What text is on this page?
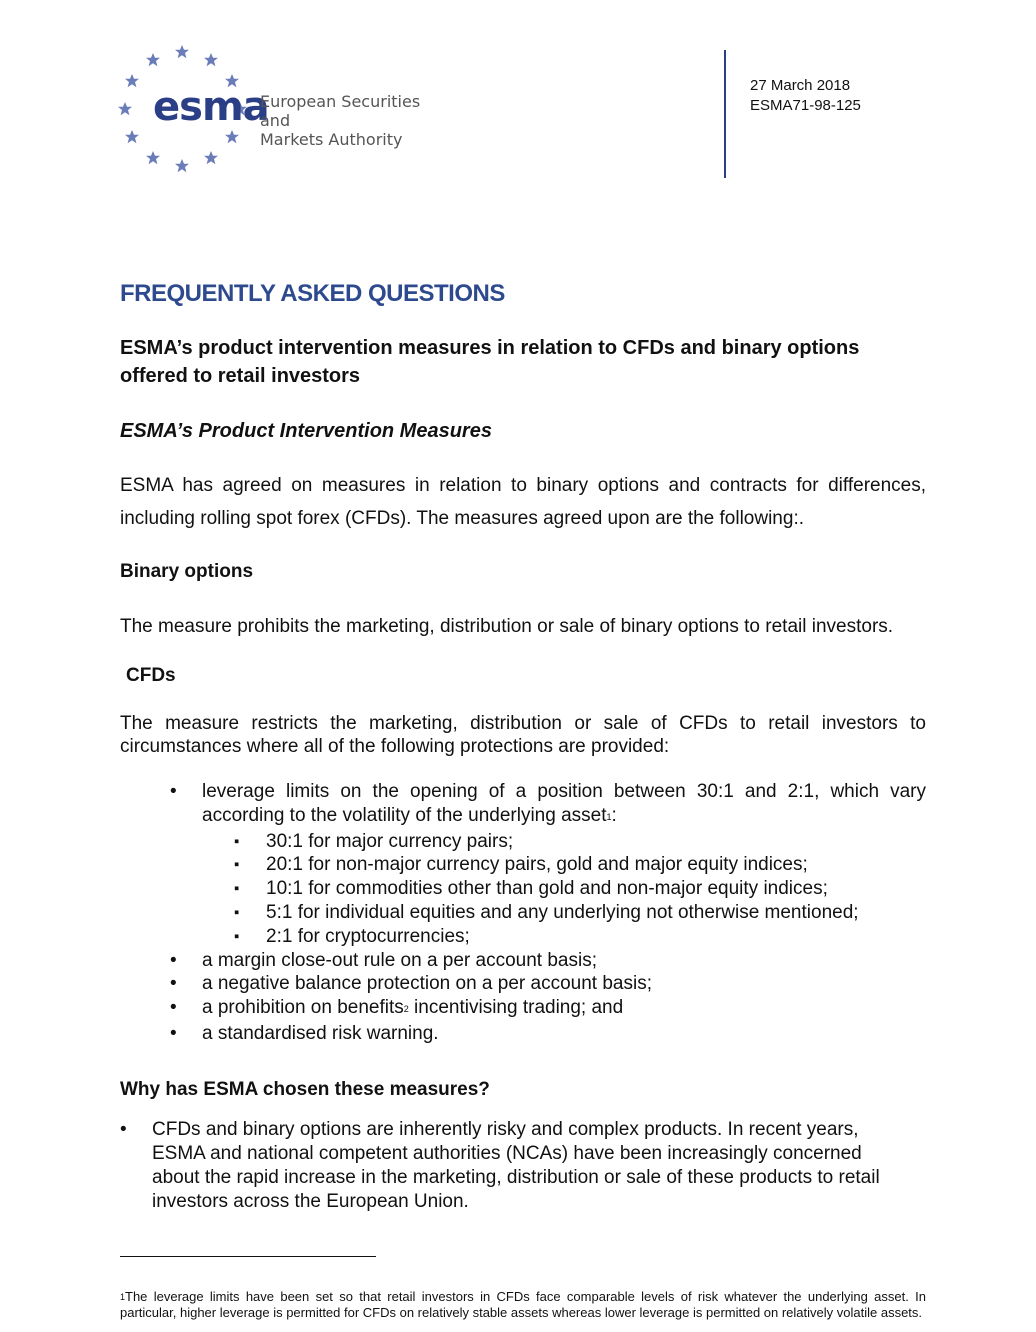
esma
European Securities and
Markets Authority
27 March 2018
ESMA71-98-125
FREQUENTLY ASKED QUESTIONS
ESMA’s product intervention measures in relation to CFDs and binary options offered to retail investors
ESMA’s Product Intervention Measures
ESMA has agreed on measures in relation to binary options and contracts for differences, including rolling spot forex (CFDs). The measures agreed upon are the following:.
Binary options
The measure prohibits the marketing, distribution or sale of binary options to retail investors.
CFDs
The measure restricts the marketing, distribution or sale of CFDs to retail investors to circumstances where all of the following protections are provided:
• leverage limits on the opening of a position between 30:1 and 2:1, which vary according to the volatility of the underlying asset$^1$:
▪ 30:1 for major currency pairs;
▪ 20:1 for non-major currency pairs, gold and major equity indices;
▪ 10:1 for commodities other than gold and non-major equity indices;
▪ 5:1 for individual equities and any underlying not otherwise mentioned;
▪ 2:1 for cryptocurrencies;
• a margin close-out rule on a per account basis;
• a negative balance protection on a per account basis;
• a prohibition on benefits$^2$ incentivising trading; and
• a standardised risk warning.
Why has ESMA chosen these measures?
• CFDs and binary options are inherently risky and complex products. In recent years, ESMA and national competent authorities (NCAs) have been increasingly concerned about the rapid increase in the marketing, distribution or sale of these products to retail investors across the European Union.
$^1$The leverage limits have been set so that retail investors in CFDs face comparable levels of risk whatever the underlying asset. In particular, higher leverage is permitted for CFDs on relatively stable assets whereas lower leverage is permitted on relatively volatile assets.
